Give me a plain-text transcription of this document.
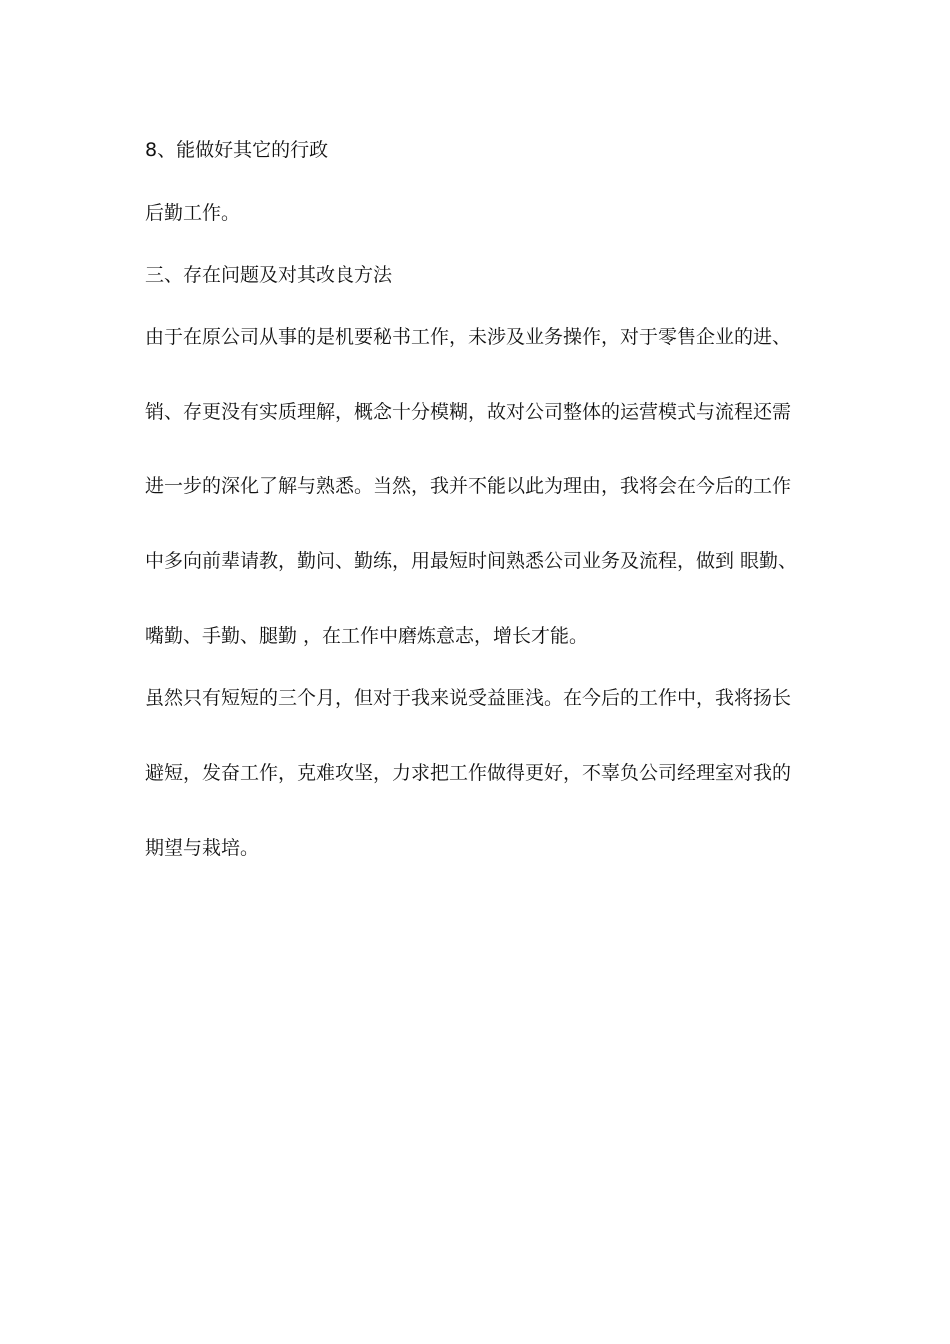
8、能做好其它的行政
后勤工作。
三、存在问题及对其改良方法
由于在原公司从事的是机要秘书工作，未涉及业务操作，对于零售企业的进、
销、存更没有实质理解，概念十分模糊，故对公司整体的运营模式与流程还需
进一步的深化了解与熟悉。当然，我并不能以此为理由，我将会在今后的工作
中多向前辈请教，勤问、勤练，用最短时间熟悉公司业务及流程，做到 眼勤、
嘴勤、手勤、腿勤 ，在工作中磨炼意志，增长才能。
虽然只有短短的三个月，但对于我来说受益匪浅。在今后的工作中，我将扬长
避短，发奋工作，克难攻坚，力求把工作做得更好，不辜负公司经理室对我的
期望与栽培。
